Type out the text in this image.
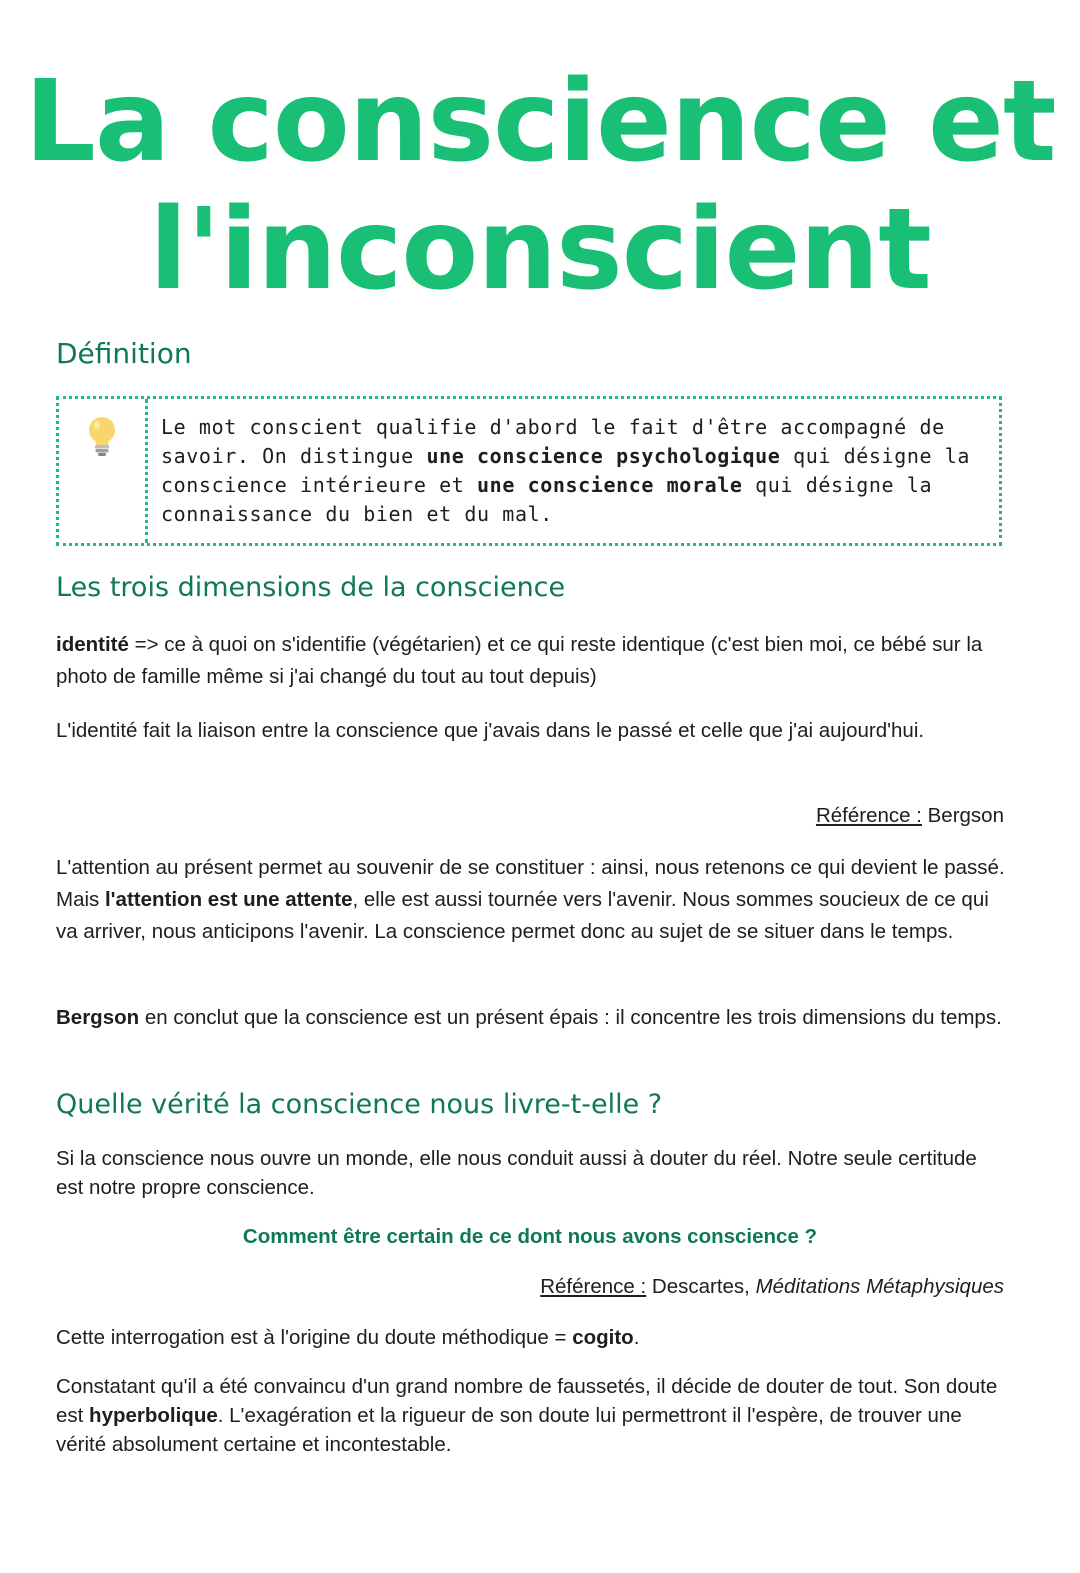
La conscience et
l'inconscient
Définition
Le mot conscient qualifie d'abord le fait d'être accompagné de savoir. On distingue une conscience psychologique qui désigne la conscience intérieure et une conscience morale qui désigne la connaissance du bien et du mal.
Les trois dimensions de la conscience

identité => ce à quoi on s'identifie (végétarien) et ce qui reste identique (c'est bien moi, ce bébé sur la photo de famille même si j'ai changé du tout au tout depuis)

L'identité fait la liaison entre la conscience que j'avais dans le passé et celle que j'ai aujourd'hui.

Référence : Bergson

L'attention au présent permet au souvenir de se constituer : ainsi, nous retenons ce qui devient le passé. Mais l'attention est une attente, elle est aussi tournée vers l'avenir. Nous sommes soucieux de ce qui va arriver, nous anticipons l'avenir. La conscience permet donc au sujet de se situer dans le temps.

Bergson en conclut que la conscience est un présent épais : il concentre les trois dimensions du temps.

Quelle vérité la conscience nous livre-t-elle ?

Si la conscience nous ouvre un monde, elle nous conduit aussi à douter du réel. Notre seule certitude est notre propre conscience.

Comment être certain de ce dont nous avons conscience ?

Référence : Descartes, Méditations Métaphysiques

Cette interrogation est à l'origine du doute méthodique = cogito.

Constatant qu'il a été convaincu d'un grand nombre de faussetés, il décide de douter de tout. Son doute est hyperbolique. L'exagération et la rigueur de son doute lui permettront il l'espère, de trouver une vérité absolument certaine et incontestable.
